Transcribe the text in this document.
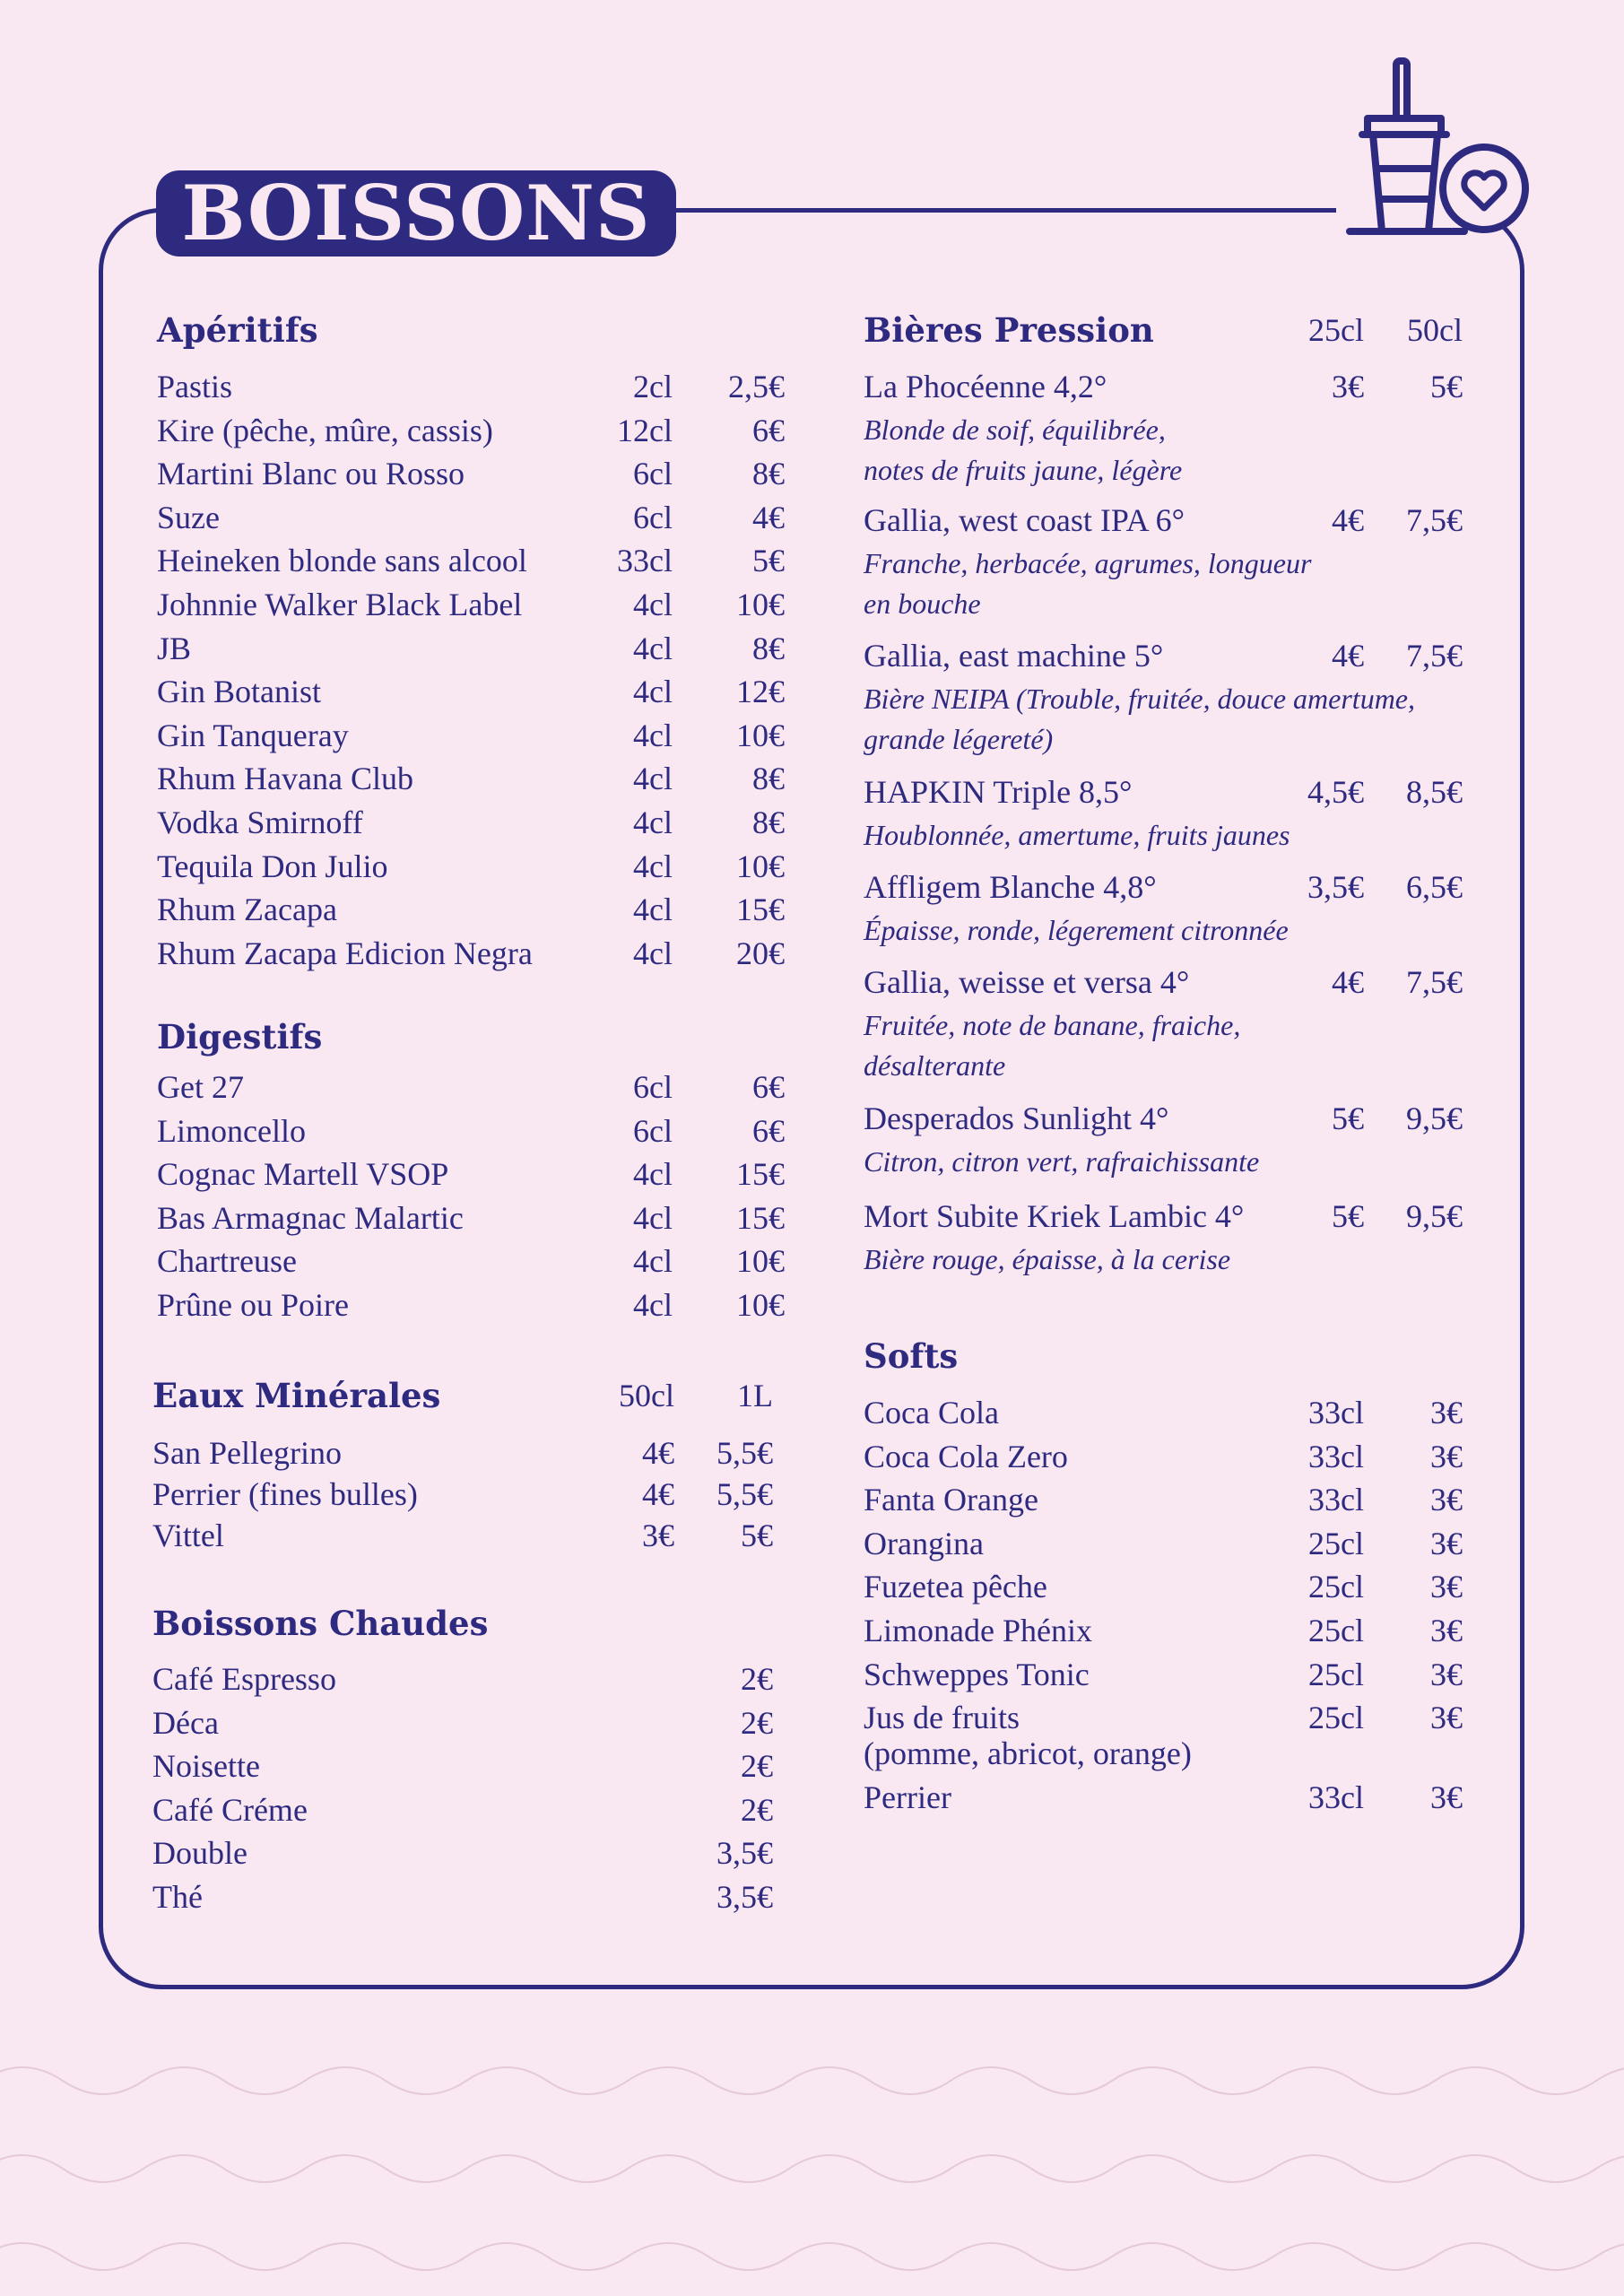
BOISSONS
Apéritifs
Pastis	2cl 2,5€
Kire (pêche, mûre, cassis)	12cl 6€
Martini Blanc ou Rosso	6cl 8€
Suze	6cl 4€
Heineken blonde sans alcool	33cl 5€
Johnnie Walker Black Label	4cl 10€
JB	4cl 8€
Gin Botanist	4cl 12€
Gin Tanqueray	4cl 10€
Rhum Havana Club	4cl 8€
Vodka Smirnoff	4cl 8€
Tequila Don Julio	4cl 10€
Rhum Zacapa	4cl 15€
Rhum Zacapa Edicion Negra	4cl 20€
Digestifs
Get 27	6cl 6€
Limoncello	6cl 6€
Cognac Martell VSOP	4cl 15€
Bas Armagnac Malartic	4cl 15€
Chartreuse	4cl 10€
Prûne ou Poire	4cl 10€
Eaux Minérales	50cl 1L
San Pellegrino	4€ 5,5€
Perrier (fines bulles)	4€ 5,5€
Vittel	3€ 5€
Boissons Chaudes
Café Espresso	2€
Déca	2€
Noisette	2€
Café Créme	2€
Double	3,5€
Thé	3,5€
Bières Pression	25cl 50cl
La Phocéenne 4,2°	3€ 5€
Blonde de soif, équilibrée,
notes de fruits jaune, légère
Gallia, west coast IPA 6°	4€ 7,5€
Franche, herbacée, agrumes, longueur
en bouche
Gallia, east machine 5°	4€ 7,5€
Bière NEIPA (Trouble, fruitée, douce amertume,
grande légereté)
HAPKIN Triple 8,5°	4,5€ 8,5€
Houblonnée, amertume, fruits jaunes
Affligem Blanche 4,8°	3,5€ 6,5€
Épaisse, ronde, légerement citronnée
Gallia, weisse et versa 4°	4€ 7,5€
Fruitée, note de banane, fraiche,
désalterante
Desperados Sunlight 4°	5€ 9,5€
Citron, citron vert, rafraichissante
Mort Subite Kriek Lambic 4°	5€ 9,5€
Bière rouge, épaisse, à la cerise
Softs
Coca Cola	33cl 3€
Coca Cola Zero	33cl 3€
Fanta Orange	33cl 3€
Orangina	25cl 3€
Fuzetea pêche	25cl 3€
Limonade Phénix	25cl 3€
Schweppes Tonic	25cl 3€
Jus de fruits	25cl 3€
(pomme, abricot, orange)
Perrier	33cl 3€
